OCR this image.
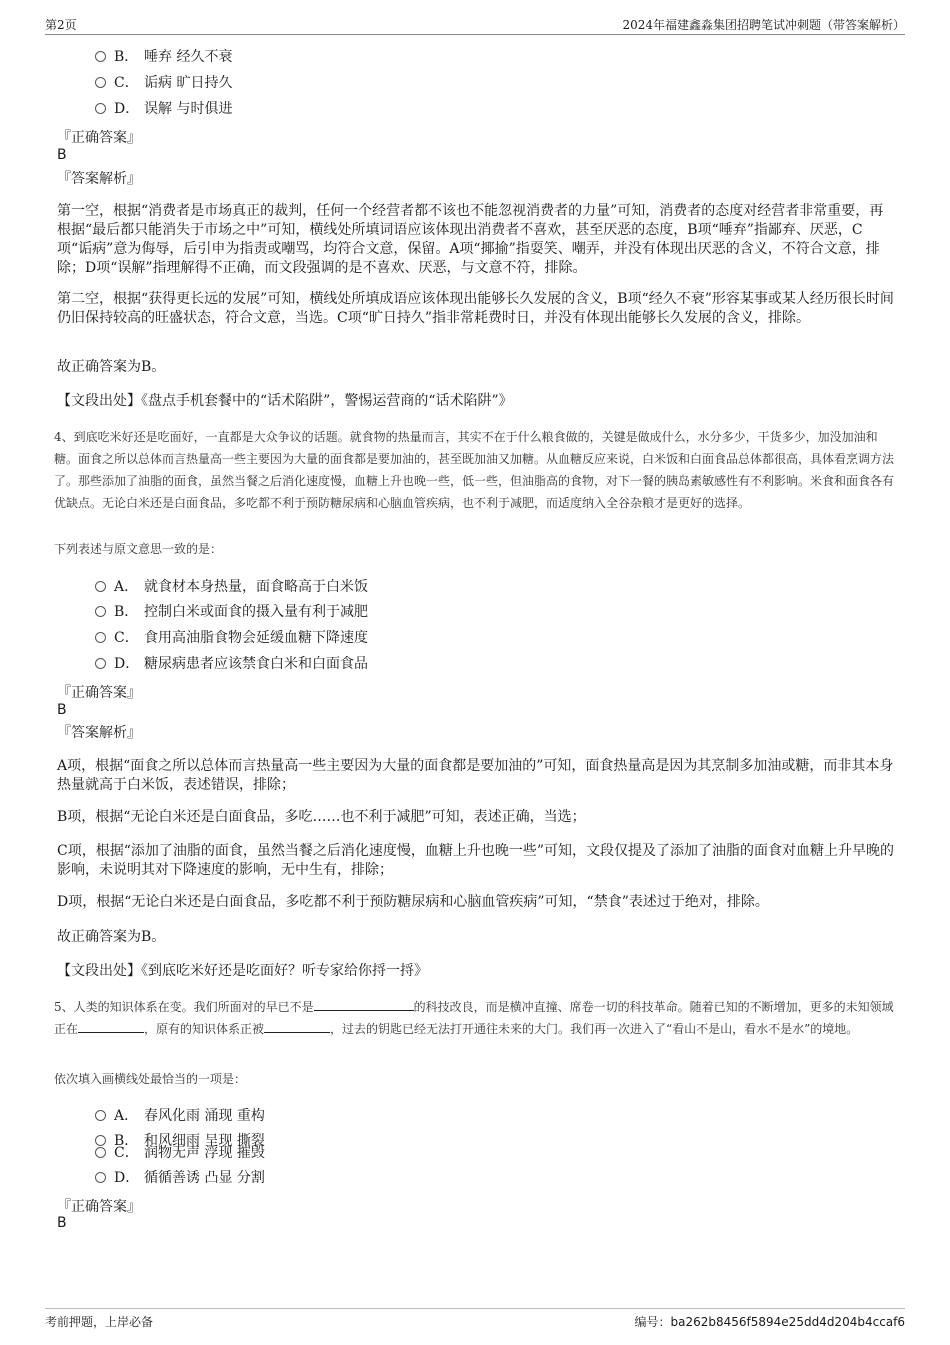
第2页	2024年福建鑫淼集团招聘笔试冲刺题（带答案解析）
B． 唾弃 经久不衰
C． 诟病 旷日持久
D． 误解 与时俱进
『正确答案』
B
『答案解析』

第一空，根据“消费者是市场真正的裁判，任何一个经营者都不该也不能忽视消费者的力量”可知，消费者的态度对经营者非常重要，再根据“最后都只能消失于市场之中”可知，横线处所填词语应该体现出消费者不喜欢，甚至厌恶的态度，B项“唾弃”指鄙弃、厌恶，C项“诟病”意为侮辱，后引申为指责或嘲骂，均符合文意，保留。A项“揶揄”指耍笑、嘲弄，并没有体现出厌恶的含义，不符合文意，排除；D项“误解”指理解得不正确，而文段强调的是不喜欢、厌恶，与文意不符，排除。

第二空，根据“获得更长远的发展”可知，横线处所填成语应该体现出能够长久发展的含义，B项“经久不衰”形容某事或某人经历很长时间仍旧保持较高的旺盛状态，符合文意，当选。C项“旷日持久”指非常耗费时日，并没有体现出能够长久发展的含义，排除。

故正确答案为B。

【文段出处】《盘点手机套餐中的“话术陷阱”，警惕运营商的“话术陷阱”》

4、到底吃米好还是吃面好，一直都是大众争议的话题。就食物的热量而言，其实不在于什么粮食做的，关键是做成什么，水分多少，干货多少，加没加油和糖。面食之所以总体而言热量高一些主要因为大量的面食都是要加油的，甚至既加油又加糖。从血糖反应来说，白米饭和白面食品总体都很高，具体看烹调方法了。那些添加了油脂的面食，虽然当餐之后消化速度慢，血糖上升也晚一些，低一些，但油脂高的食物，对下一餐的胰岛素敏感性有不利影响。米食和面食各有优缺点。无论白米还是白面食品，多吃都不利于预防糖尿病和心脑血管疾病，也不利于减肥，而适度纳入全谷杂粮才是更好的选择。

下列表述与原文意思一致的是：

A． 就食材本身热量，面食略高于白米饭
B． 控制白米或面食的摄入量有利于减肥
C． 食用高油脂食物会延缓血糖下降速度
D． 糖尿病患者应该禁食白米和白面食品
『正确答案』
B
『答案解析』

A项，根据“面食之所以总体而言热量高一些主要因为大量的面食都是要加油的”可知，面食热量高是因为其烹制多加油或糖，而非其本身热量就高于白米饭，表述错误，排除；

B项，根据“无论白米还是白面食品，多吃……也不利于减肥”可知，表述正确，当选；

C项，根据“添加了油脂的面食，虽然当餐之后消化速度慢，血糖上升也晚一些”可知，文段仅提及了添加了油脂的面食对血糖上升早晚的影响，未说明其对下降速度的影响，无中生有，排除；

D项，根据“无论白米还是白面食品，多吃都不利于预防糖尿病和心脑血管疾病”可知，“禁食”表述过于绝对，排除。

故正确答案为B。

【文段出处】《到底吃米好还是吃面好？听专家给你捋一捋》

5、人类的知识体系在变。我们所面对的早已不是	的科技改良，而是横冲直撞、席卷一切的科技革命。随着已知的不断增加，更多的未知领域正在	，原有的知识体系正被	，过去的钥匙已经无法打开通往未来的大门。我们再一次进入了“看山不是山，看水不是水”的境地。

依次填入画横线处最恰当的一项是：

A． 春风化雨 涌现 重构
B． 和风细雨 呈现 撕裂
C． 润物无声 浮现 摧毁
D． 循循善诱 凸显 分割
『正确答案』
B
考前押题，上岸必备	编号：ba262b8456f5894e25dd4d204b4ccaf6
